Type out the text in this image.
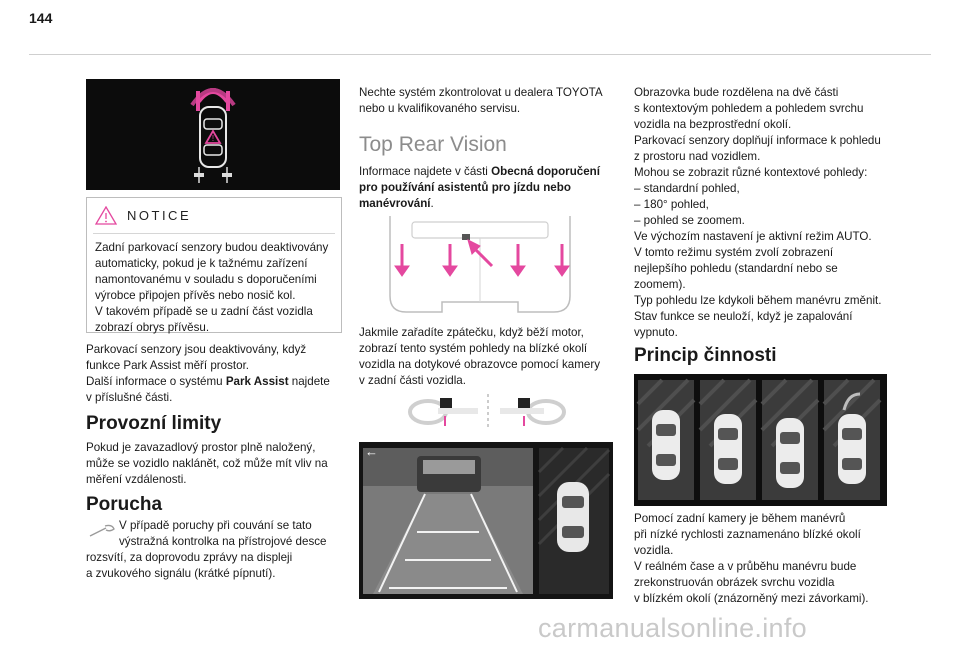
144
!
NOTICE

Zadní parkovací senzory budou deaktivovány

automaticky, pokud je k tažnému zařízení

namontovanému v souladu s doporučeními

výrobce připojen přívěs nebo nosič kol.

V takovém případě se u zadní část vozidla

zobrazí obrys přívěsu.

Parkovací senzory jsou deaktivovány, když

funkce Park Assist měří prostor.

Další informace o systému Park Assist najdete

v příslušné části.

Provozní limity

Pokud je zavazadlový prostor plně naložený,

může se vozidlo naklánět, což může mít vliv na

měření vzdálenosti.

Porucha

V případě poruchy při couvání se tato

výstražná kontrolka na přístrojové desce

rozsvítí, za doprovodu zprávy na displeji

a zvukového signálu (krátké pípnutí).

Nechte systém zkontrolovat u dealera TOYOTA

nebo u kvalifikovaného servisu.

Top Rear Vision

Informace najdete v části Obecná doporučení

pro používání asistentů pro jízdu nebo

manévrování.

Jakmile zařadíte zpátečku, když běží motor,

zobrazí tento systém pohledy na blízké okolí

vozidla na dotykové obrazovce pomocí kamery

v zadní části vozidla.

←

Obrazovka bude rozdělena na dvě části

s kontextovým pohledem a pohledem svrchu

vozidla na bezprostřední okolí.

Parkovací senzory doplňují informace k pohledu

z prostoru nad vozidlem.

Mohou se zobrazit různé kontextové pohledy:

– standardní pohled,

– 180° pohled,

– pohled se zoomem.

Ve výchozím nastavení je aktivní režim AUTO.

V tomto režimu systém zvolí zobrazení

nejlepšího pohledu (standardní nebo se

zoomem).

Typ pohledu lze kdykoli během manévru změnit.

Stav funkce se neuloží, když je zapalování

vypnuto.

Princip činnosti

Pomocí zadní kamery je během manévrů

při nízké rychlosti zaznamenáno blízké okolí

vozidla.

V reálném čase a v průběhu manévru bude

zrekonstruován obrázek svrchu vozidla

v blízkém okolí (znázorněný mezi závorkami).

carmanualsonline.info
